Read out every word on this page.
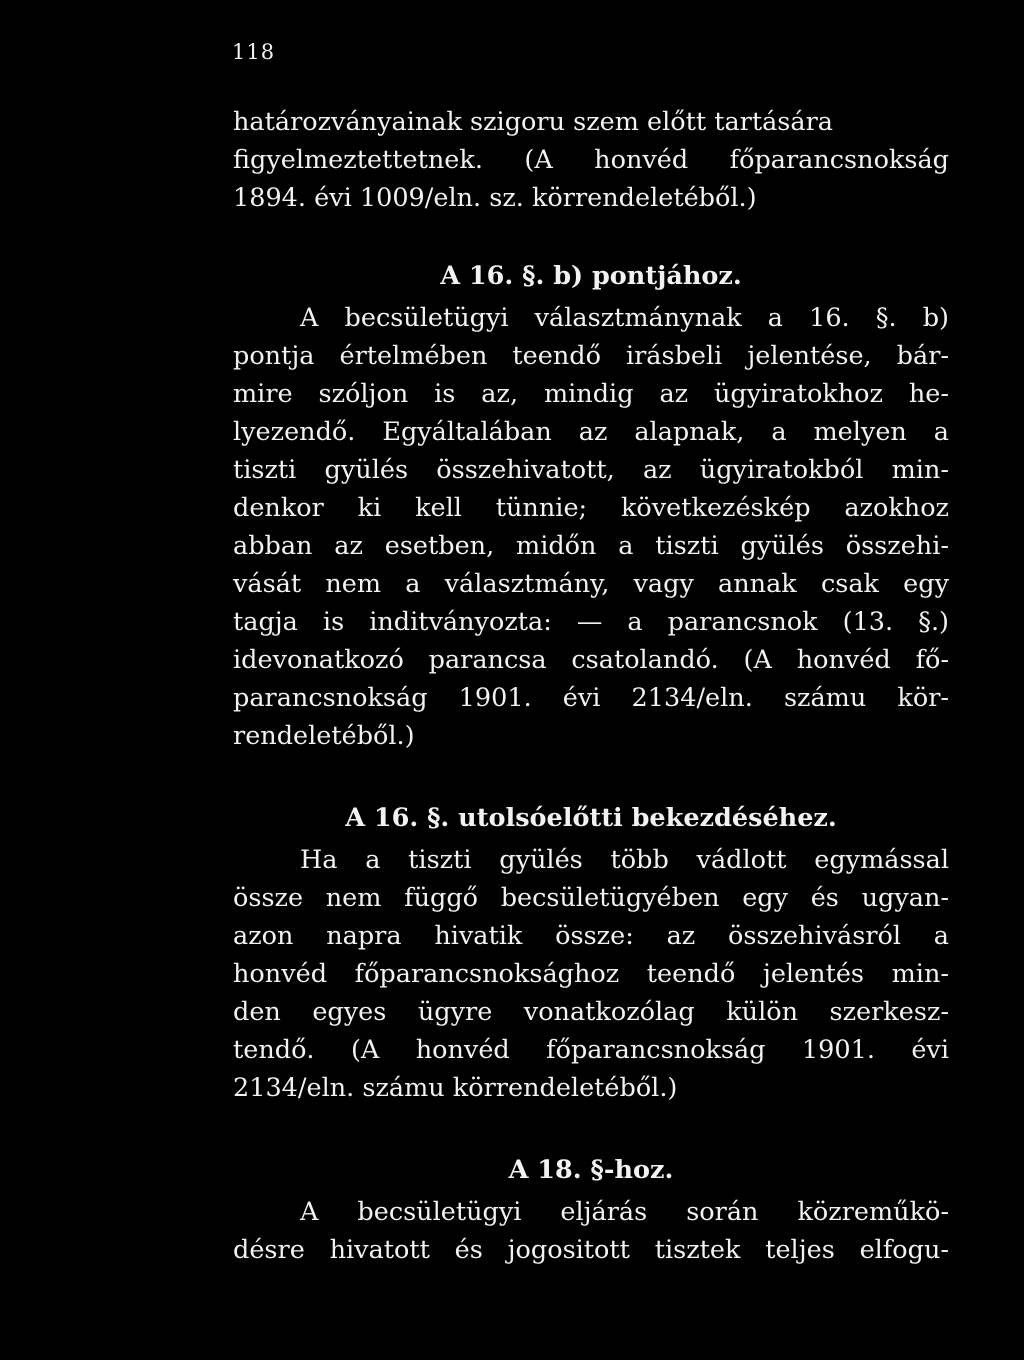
118
határozványainak szigoru szem előtt tartására
figyelmeztettetnek. (A honvéd főparancsnokság
1894. évi 1009/eln. sz. körrendeletéből.)
A 16. §. b) pontjához.
A becsületügyi választmánynak a 16. §. b)
pontja értelmében teendő irásbeli jelentése, bár-
mire szóljon is az, mindig az ügyiratokhoz he-
lyezendő. Egyáltalában az alapnak, a melyen a
tiszti gyülés összehivatott, az ügyiratokból min-
denkor ki kell tünnie; következéskép azokhoz
abban az esetben, midőn a tiszti gyülés összehi-
vását nem a választmány, vagy annak csak egy
tagja is inditványozta: — a parancsnok (13. §.)
idevonatkozó parancsa csatolandó. (A honvéd fő-
parancsnokság 1901. évi 2134/eln. számu kör-
rendeletéből.)
A 16. §. utolsóelőtti bekezdéséhez.
Ha a tiszti gyülés több vádlott egymással
össze nem függő becsületügyében egy és ugyan-
azon napra hivatik össze: az összehivásról a
honvéd főparancsnoksághoz teendő jelentés min-
den egyes ügyre vonatkozólag külön szerkesz-
tendő. (A honvéd főparancsnokság 1901. évi
2134/eln. számu körrendeletéből.)
A 18. §-hoz.
A becsületügyi eljárás során közreműkö-
désre hivatott és jogositott tisztek teljes elfogu-
